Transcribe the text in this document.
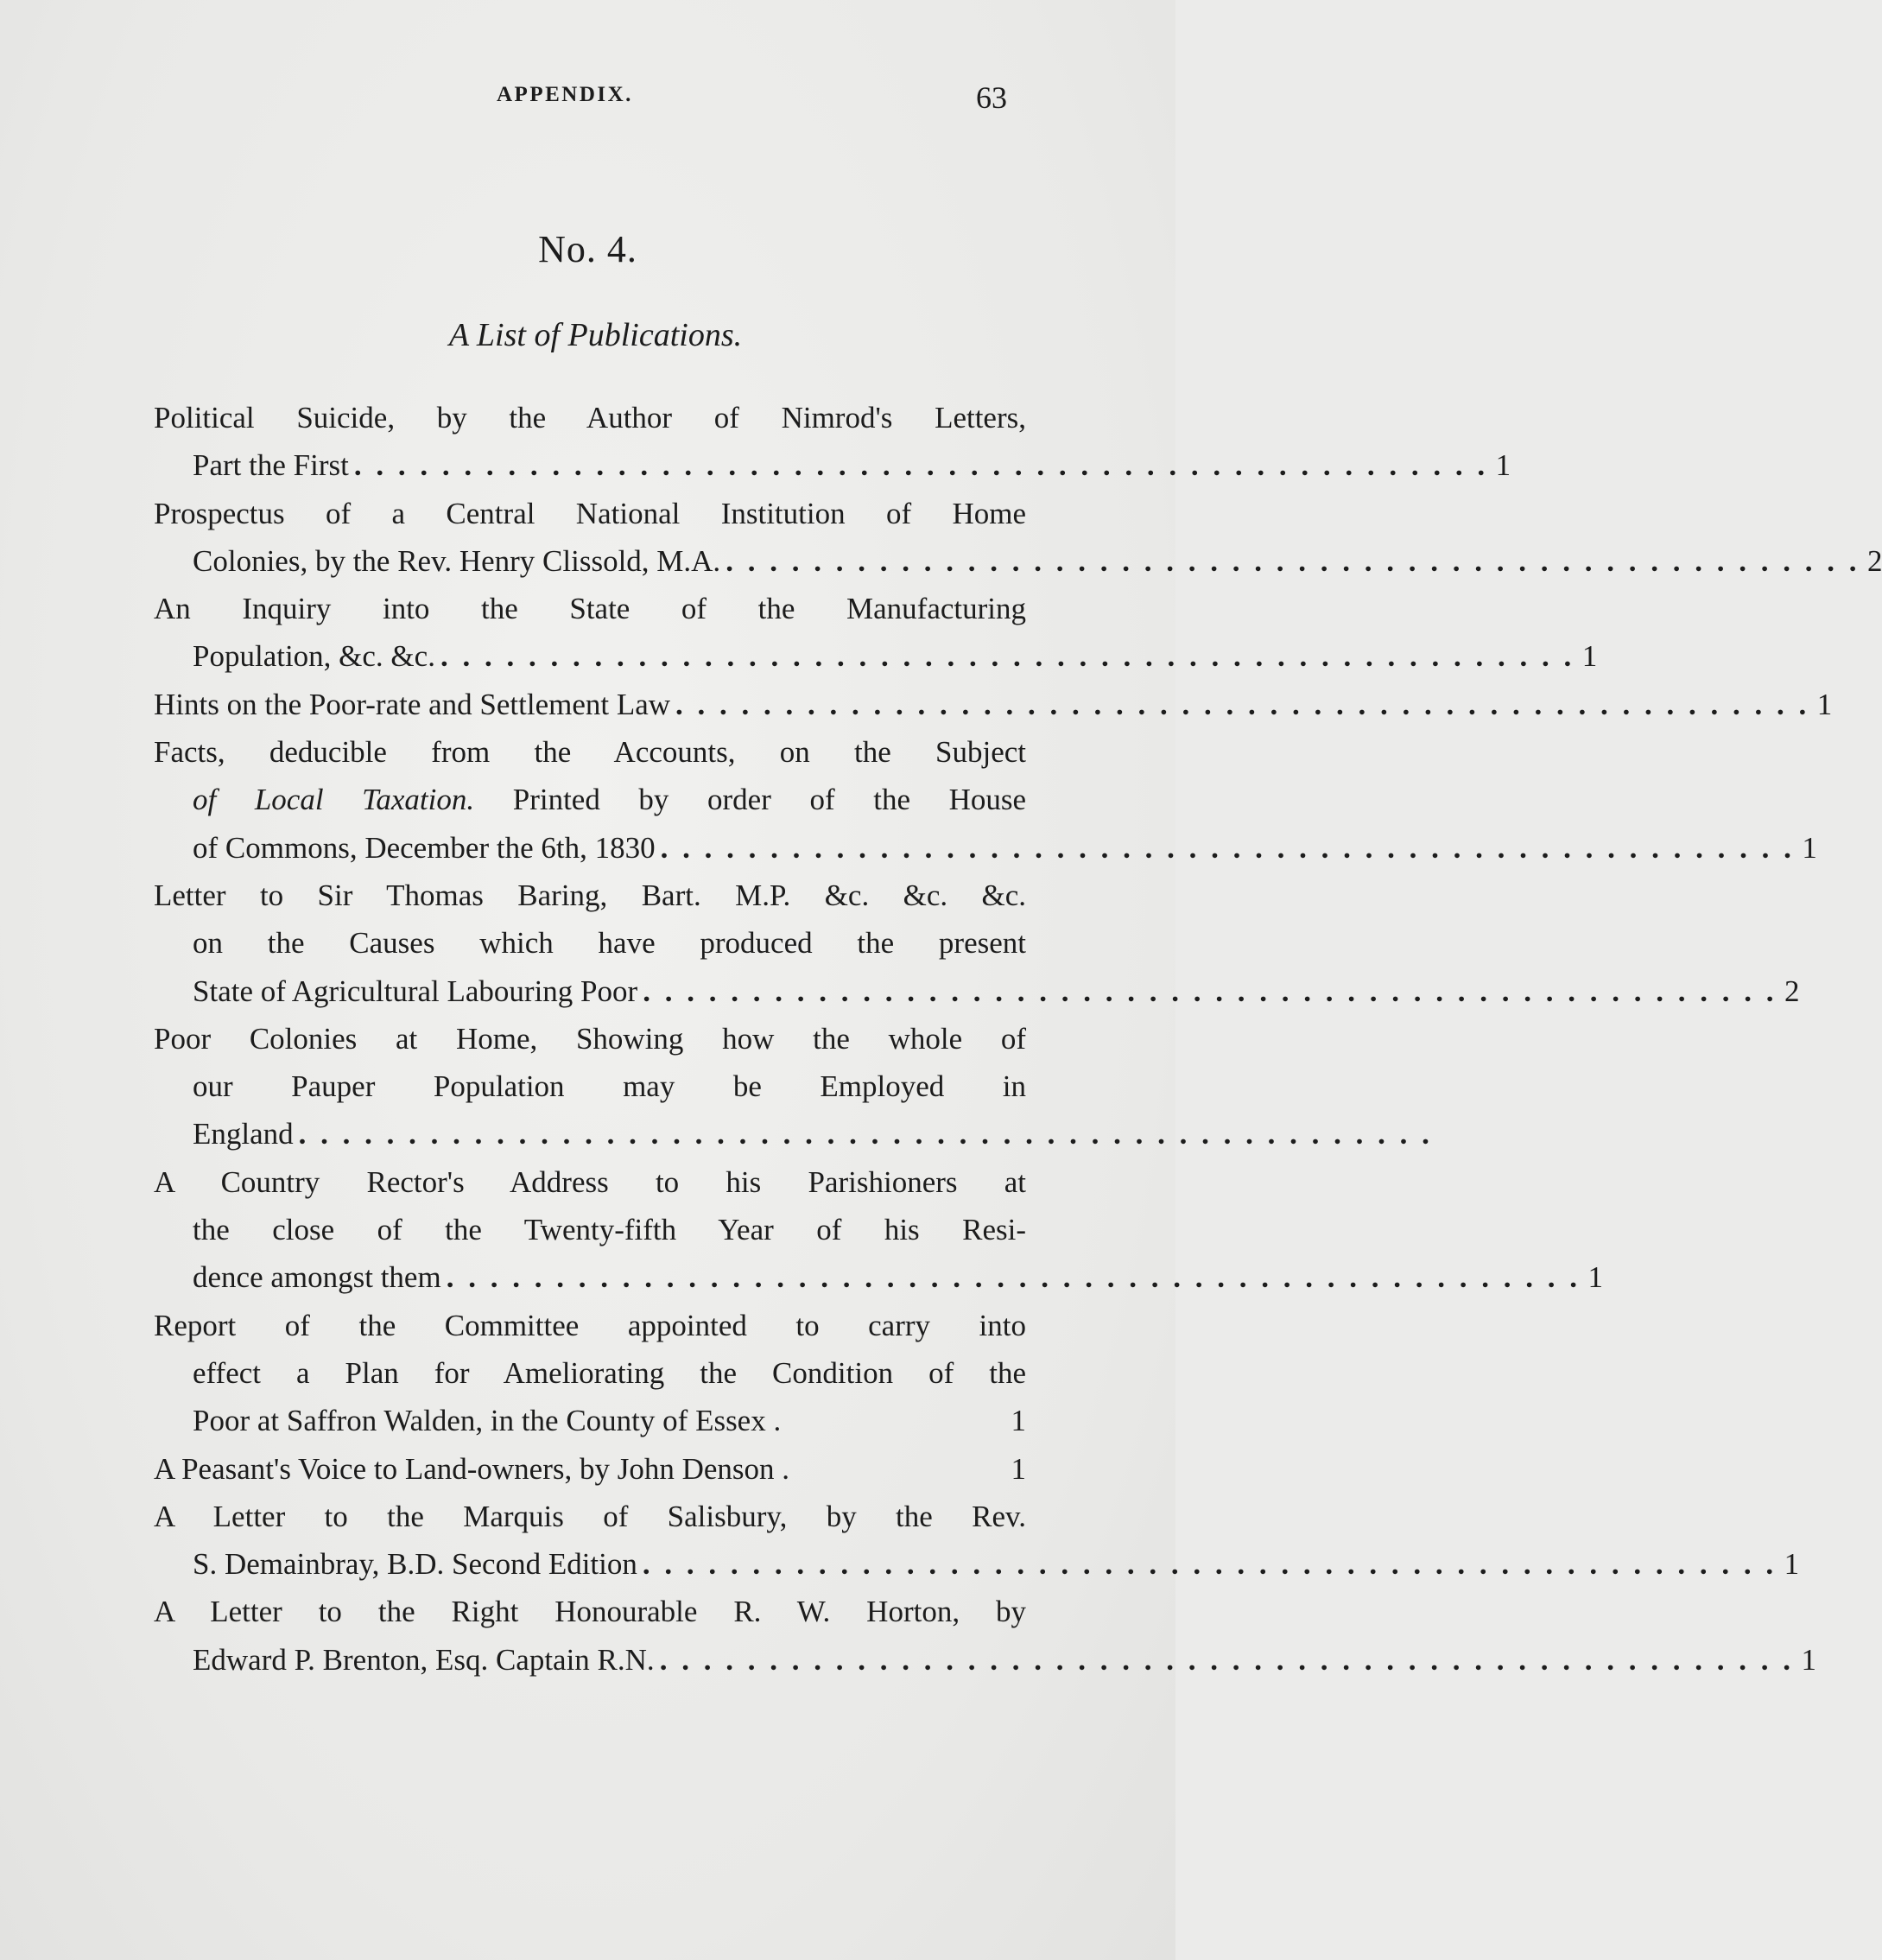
APPENDIX.	63
No. 4.
A List of Publications.
Political Suicide, by the Author of Nimrod's Letters,
Part the First . . . . . . . . . . . . . . . . . . . . . . . . . . . . . . . . . . . . . . . . . . . . . . . . . . . . 1
Prospectus of a Central National Institution of Home
Colonies, by the Rev. Henry Clissold, M.A. . . . . . . . . . . . . . . . . . . . . . . . . . . . . . . . . . . . . . . . . . . . . . . . . . . . . 2
An Inquiry into the State of the Manufacturing
Population, &c. &c. . . . . . . . . . . . . . . . . . . . . . . . . . . . . . . . . . . . . . . . . . . . . . . . . . . . . 1
Hints on the Poor-rate and Settlement Law . . . . . . . . . . . . . . . . . . . . . . . . . . . . . . . . . . . . . . . . . . . . . . . . . . . . 1
Facts, deducible from the Accounts, on the Subject
of Local Taxation. Printed by order of the House
of Commons, December the 6th, 1830 . . . . . . . . . . . . . . . . . . . . . . . . . . . . . . . . . . . . . . . . . . . . . . . . . . . . 1
Letter to Sir Thomas Baring, Bart. M.P. &c. &c. &c.
on the Causes which have produced the present
State of Agricultural Labouring Poor . . . . . . . . . . . . . . . . . . . . . . . . . . . . . . . . . . . . . . . . . . . . . . . . . . . . 2
Poor Colonies at Home, Showing how the whole of
our Pauper Population may be Employed in
England . . . . . . . . . . . . . . . . . . . . . . . . . . . . . . . . . . . . . . . . . . . . . . . . . . . .
A Country Rector's Address to his Parishioners at
the close of the Twenty-fifth Year of his Resi-
dence amongst them . . . . . . . . . . . . . . . . . . . . . . . . . . . . . . . . . . . . . . . . . . . . . . . . . . . . 1
Report of the Committee appointed to carry into
effect a Plan for Ameliorating the Condition of the
Poor at Saffron Walden, in the County of Essex .	1
A Peasant's Voice to Land-owners, by John Denson .	1
A Letter to the Marquis of Salisbury, by the Rev.
S. Demainbray, B.D. Second Edition . . . . . . . . . . . . . . . . . . . . . . . . . . . . . . . . . . . . . . . . . . . . . . . . . . . . 1
A Letter to the Right Honourable R. W. Horton, by
Edward P. Brenton, Esq. Captain R.N. . . . . . . . . . . . . . . . . . . . . . . . . . . . . . . . . . . . . . . . . . . . . . . . . . . . . 1
